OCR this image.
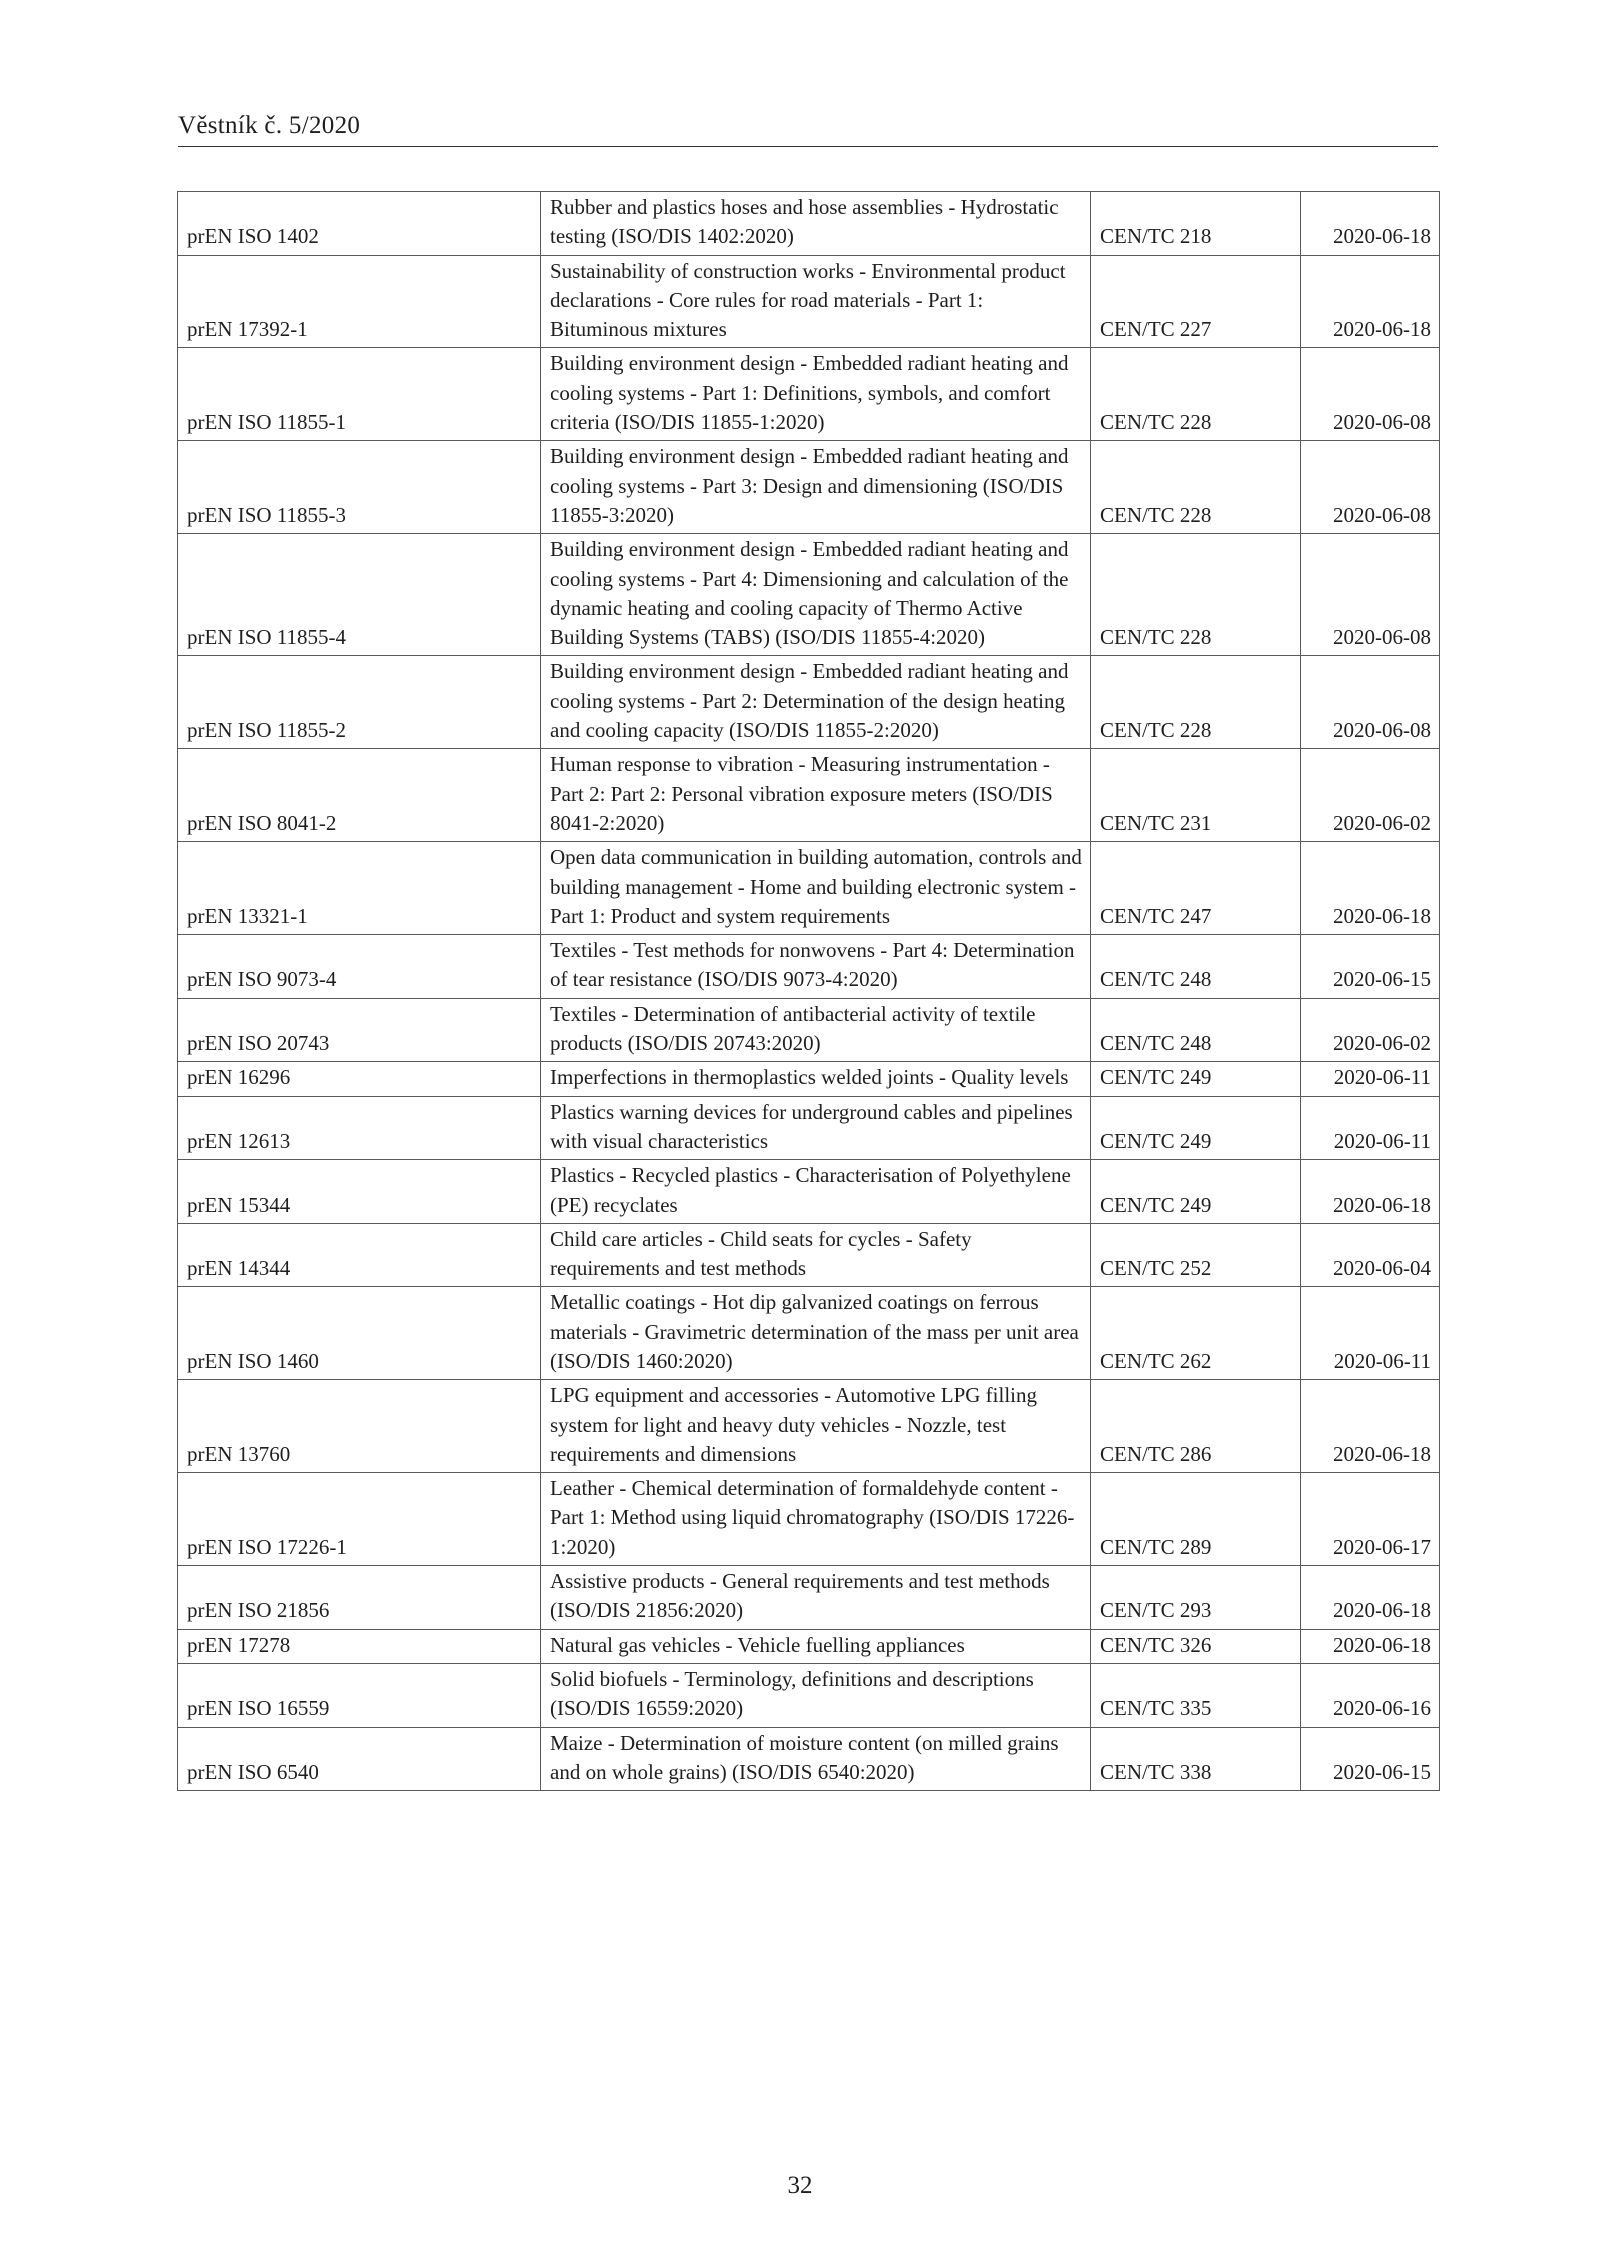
Věstník č. 5/2020
prEN ISO 1402	Rubber and plastics hoses and hose assemblies - Hydrostatic testing (ISO/DIS 1402:2020)	CEN/TC 218	2020-06-18
prEN 17392-1	Sustainability of construction works - Environmental product declarations - Core rules for road materials - Part 1: Bituminous mixtures	CEN/TC 227	2020-06-18
prEN ISO 11855-1	Building environment design - Embedded radiant heating and cooling systems - Part 1: Definitions, symbols, and comfort criteria (ISO/DIS 11855-1:2020)	CEN/TC 228	2020-06-08
prEN ISO 11855-3	Building environment design - Embedded radiant heating and cooling systems - Part 3: Design and dimensioning (ISO/DIS 11855-3:2020)	CEN/TC 228	2020-06-08
prEN ISO 11855-4	Building environment design - Embedded radiant heating and cooling systems - Part 4: Dimensioning and calculation of the dynamic heating and cooling capacity of Thermo Active Building Systems (TABS) (ISO/DIS 11855-4:2020)	CEN/TC 228	2020-06-08
prEN ISO 11855-2	Building environment design - Embedded radiant heating and cooling systems - Part 2: Determination of the design heating and cooling capacity (ISO/DIS 11855-2:2020)	CEN/TC 228	2020-06-08
prEN ISO 8041-2	Human response to vibration - Measuring instrumentation - Part 2: Part 2: Personal vibration exposure meters (ISO/DIS 8041-2:2020)	CEN/TC 231	2020-06-02
prEN 13321-1	Open data communication in building automation, controls and building management - Home and building electronic system - Part 1: Product and system requirements	CEN/TC 247	2020-06-18
prEN ISO 9073-4	Textiles - Test methods for nonwovens - Part 4: Determination of tear resistance (ISO/DIS 9073-4:2020)	CEN/TC 248	2020-06-15
prEN ISO 20743	Textiles - Determination of antibacterial activity of textile products (ISO/DIS 20743:2020)	CEN/TC 248	2020-06-02
prEN 16296	Imperfections in thermoplastics welded joints - Quality levels	CEN/TC 249	2020-06-11
prEN 12613	Plastics warning devices for underground cables and pipelines with visual characteristics	CEN/TC 249	2020-06-11
prEN 15344	Plastics - Recycled plastics - Characterisation of Polyethylene (PE) recyclates	CEN/TC 249	2020-06-18
prEN 14344	Child care articles - Child seats for cycles - Safety requirements and test methods	CEN/TC 252	2020-06-04
prEN ISO 1460	Metallic coatings - Hot dip galvanized coatings on ferrous materials - Gravimetric determination of the mass per unit area (ISO/DIS 1460:2020)	CEN/TC 262	2020-06-11
prEN 13760	LPG equipment and accessories - Automotive LPG filling system for light and heavy duty vehicles - Nozzle, test requirements and dimensions	CEN/TC 286	2020-06-18
prEN ISO 17226-1	Leather - Chemical determination of formaldehyde content - Part 1: Method using liquid chromatography (ISO/DIS 17226-1:2020)	CEN/TC 289	2020-06-17
prEN ISO 21856	Assistive products - General requirements and test methods (ISO/DIS 21856:2020)	CEN/TC 293	2020-06-18
prEN 17278	Natural gas vehicles - Vehicle fuelling appliances	CEN/TC 326	2020-06-18
prEN ISO 16559	Solid biofuels - Terminology, definitions and descriptions (ISO/DIS 16559:2020)	CEN/TC 335	2020-06-16
prEN ISO 6540	Maize - Determination of moisture content (on milled grains and on whole grains) (ISO/DIS 6540:2020)	CEN/TC 338	2020-06-15
32
